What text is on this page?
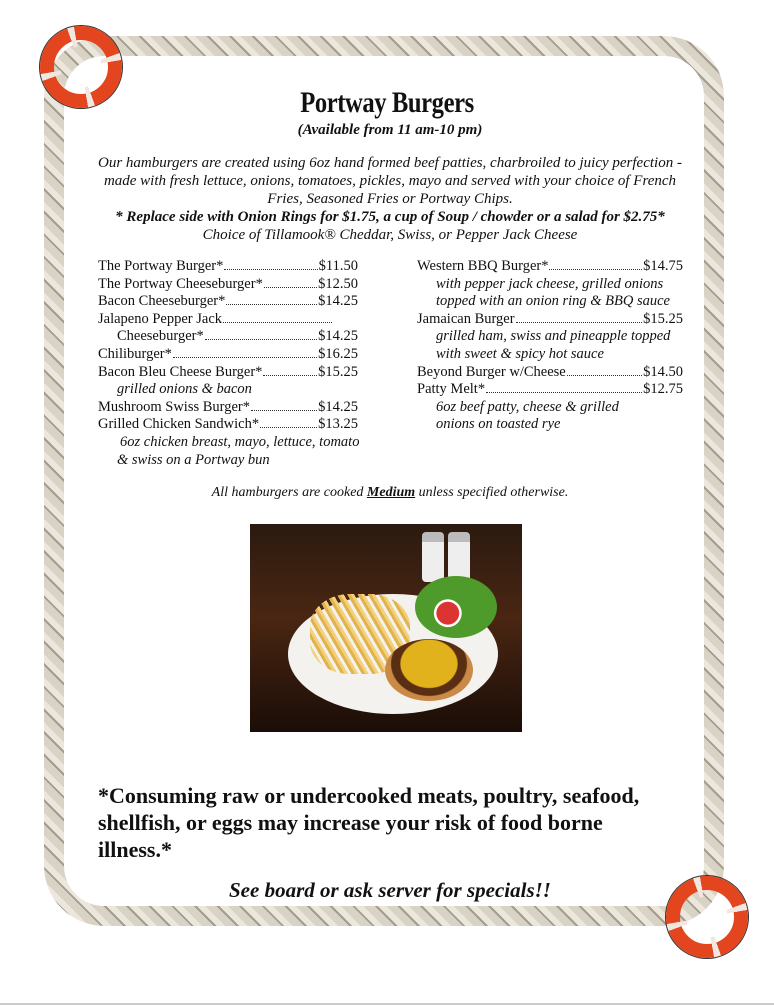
Portway Burgers
(Available from 11 am-10 pm)
Our hamburgers are created using 6oz hand formed beef patties, charbroiled to juicy perfection - made with fresh lettuce, onions, tomatoes, pickles, mayo and served with your choice of French Fries, Seasoned Fries or Portway Chips.
* Replace side with Onion Rings for $1.75, a cup of Soup / chowder or a salad for $2.75*
Choice of Tillamook® Cheddar, Swiss, or Pepper Jack Cheese
The Portway Burger*	$11.50
The Portway Cheeseburger*	$12.50
Bacon Cheeseburger*	$14.25
Jalapeno Pepper Jack
Cheeseburger*	$14.25
Chiliburger*	$16.25
Bacon Bleu Cheese Burger*	$15.25
grilled onions & bacon
Mushroom Swiss Burger*	$14.25
Grilled Chicken Sandwich*	$13.25
6oz chicken breast, mayo, lettuce, tomato
& swiss on a Portway bun
Western BBQ Burger*	$14.75
with pepper jack cheese, grilled onions
topped with an onion ring & BBQ sauce
Jamaican Burger	$15.25
grilled ham, swiss and pineapple topped
with sweet & spicy hot sauce
Beyond Burger w/Cheese	$14.50
Patty Melt*	$12.75
6oz beef patty, cheese & grilled
onions on toasted rye
All hamburgers are cooked Medium unless specified otherwise.
*Consuming raw or undercooked meats, poultry, seafood, shellfish, or eggs may increase your risk of food borne illness.*
See board or ask server for specials!!
